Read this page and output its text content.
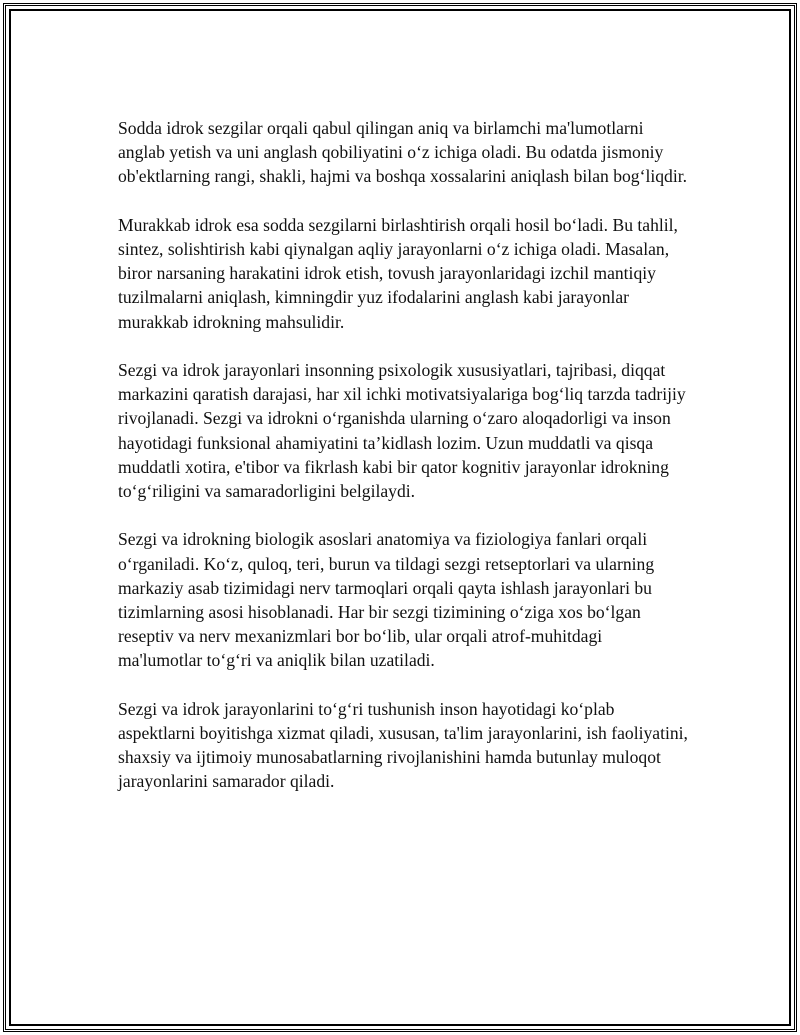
Sodda idrok sezgilar orqali qabul qilingan aniq va birlamchi ma'lumotlarni anglab yetish va uni anglash qobiliyatini o‘z ichiga oladi. Bu odatda jismoniy ob'ektlarning rangi, shakli, hajmi va boshqa xossalarini aniqlash bilan bog‘liqdir.

Murakkab idrok esa sodda sezgilarni birlashtirish orqali hosil bo‘ladi. Bu tahlil, sintez, solishtirish kabi qiynalgan aqliy jarayonlarni o‘z ichiga oladi. Masalan, biror narsaning harakatini idrok etish, tovush jarayonlaridagi izchil mantiqiy tuzilmalarni aniqlash, kimningdir yuz ifodalarini anglash kabi jarayonlar murakkab idrokning mahsulidir.

Sezgi va idrok jarayonlari insonning psixologik xususiyatlari, tajribasi, diqqat markazini qaratish darajasi, har xil ichki motivatsiyalariga bog‘liq tarzda tadrijiy rivojlanadi. Sezgi va idrokni o‘rganishda ularning o‘zaro aloqadorligi va inson hayotidagi funksional ahamiyatini ta’kidlash lozim. Uzun muddatli va qisqa muddatli xotira, e'tibor va fikrlash kabi bir qator kognitiv jarayonlar idrokning to‘g‘riligini va samaradorligini belgilaydi.

Sezgi va idrokning biologik asoslari anatomiya va fiziologiya fanlari orqali o‘rganiladi. Ko‘z, quloq, teri, burun va tildagi sezgi retseptorlari va ularning markaziy asab tizimidagi nerv tarmoqlari orqali qayta ishlash jarayonlari bu tizimlarning asosi hisoblanadi. Har bir sezgi tizimining o‘ziga xos bo‘lgan reseptiv va nerv mexanizmlari bor bo‘lib, ular orqali atrof-muhitdagi ma'lumotlar to‘g‘ri va aniqlik bilan uzatiladi.

Sezgi va idrok jarayonlarini to‘g‘ri tushunish inson hayotidagi ko‘plab aspektlarni boyitishga xizmat qiladi, xususan, ta'lim jarayonlarini, ish faoliyatini, shaxsiy va ijtimoiy munosabatlarning rivojlanishini hamda butunlay muloqot jarayonlarini samarador qiladi.
